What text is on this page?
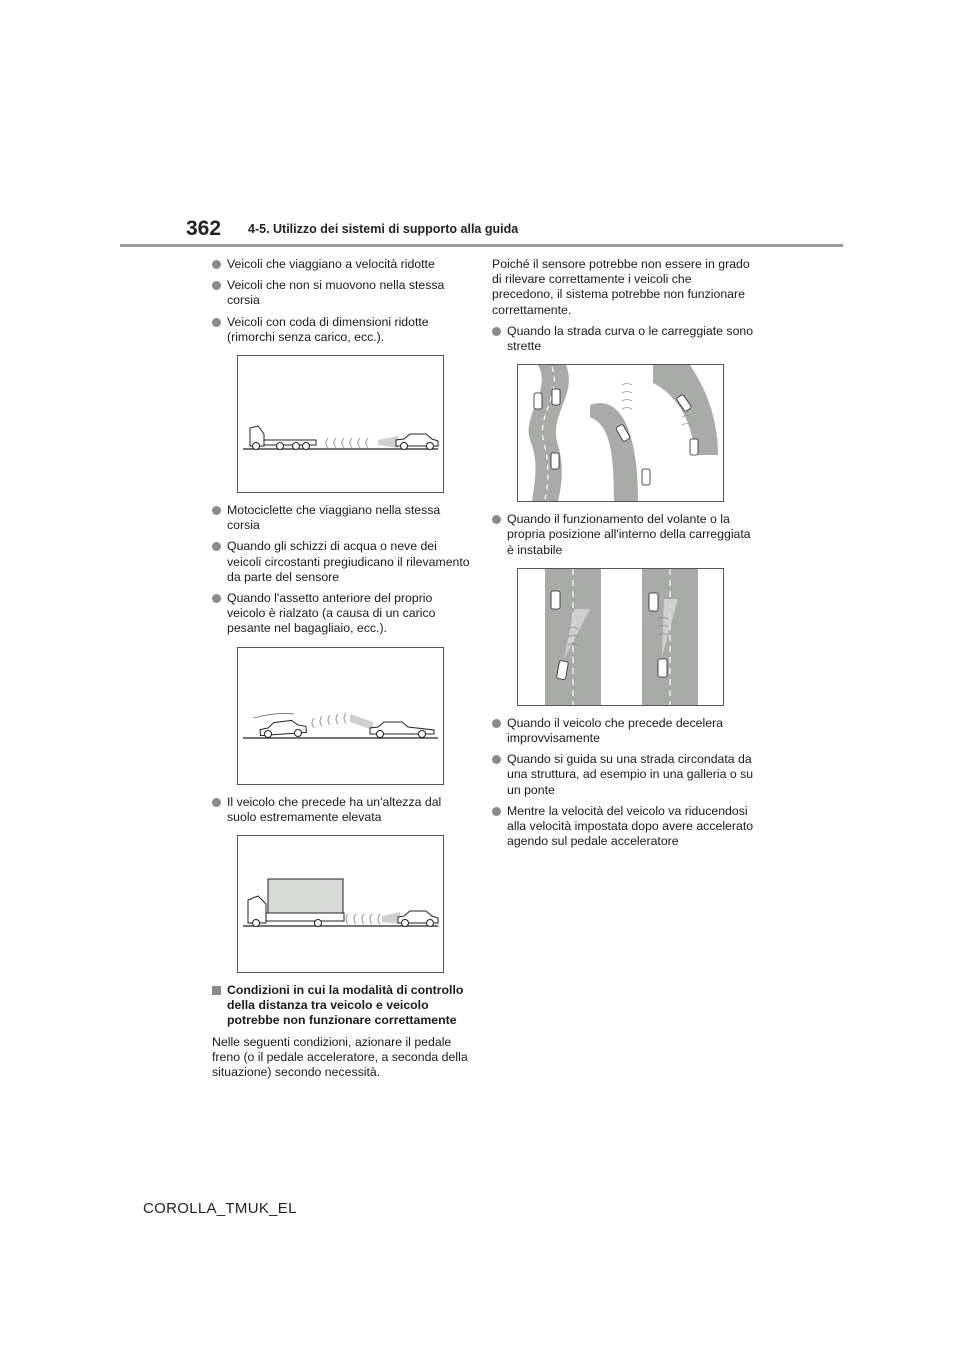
362 4-5. Utilizzo dei sistemi di supporto alla guida
Veicoli che viaggiano a velocità ridotte
Veicoli che non si muovono nella stessa corsia
Veicoli con coda di dimensioni ridotte (rimorchi senza carico, ecc.).
Motociclette che viaggiano nella stessa corsia
Quando gli schizzi di acqua o neve dei veicoli circostanti pregiudicano il rilevamento da parte del sensore
Quando l'assetto anteriore del proprio veicolo è rialzato (a causa di un carico pesante nel bagagliaio, ecc.).
Il veicolo che precede ha un'altezza dal suolo estremamente elevata
Condizioni in cui la modalità di controllo della distanza tra veicolo e veicolo potrebbe non funzionare correttamente
Nelle seguenti condizioni, azionare il pedale freno (o il pedale acceleratore, a seconda della situazione) secondo necessità.
Poiché il sensore potrebbe non essere in grado di rilevare correttamente i veicoli che precedono, il sistema potrebbe non funzionare correttamente.
Quando la strada curva o le carreggiate sono strette
Quando il funzionamento del volante o la propria posizione all'interno della carreggiata è instabile
Quando il veicolo che precede decelera improvvisamente
Quando si guida su una strada circondata da una struttura, ad esempio in una galleria o su un ponte
Mentre la velocità del veicolo va riducendosi alla velocità impostata dopo avere accelerato agendo sul pedale acceleratore
COROLLA_TMUK_EL
